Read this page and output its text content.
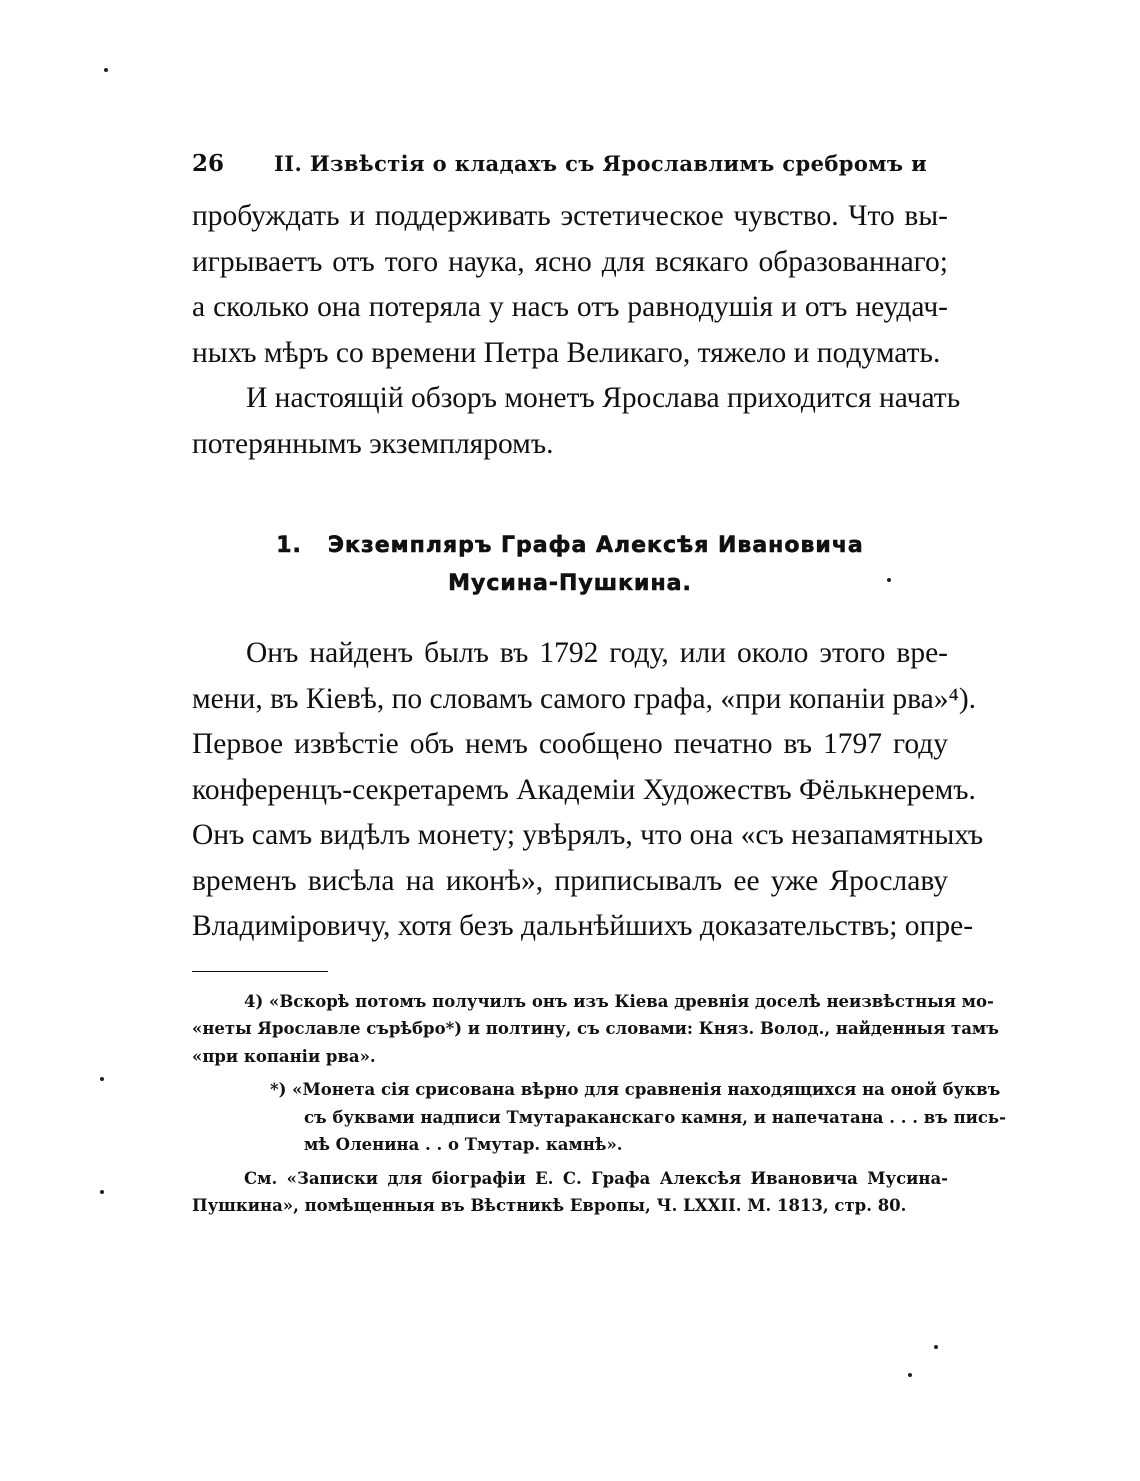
26	II. Извѣстія о кладахъ съ Ярославлимъ сребромъ и
пробуждать и поддерживать эстетическое чувство. Что вы-
игрываетъ отъ того наука, ясно для всякаго образованнаго;
а сколько она потеряла у насъ отъ равнодушія и отъ неудач-
ныхъ мѣръ со времени Петра Великаго, тяжело и подумать.
И настоящій обзоръ монетъ Ярослава приходится начать
потеряннымъ экземпляромъ.
1. Экземпляръ Графа Алексѣя Ивановича
Мусина-Пушкина.
Онъ найденъ былъ въ 1792 году, или около этого вре-
мени, въ Кіевѣ, по словамъ самого графа, «при копаніи рва»⁴).
Первое извѣстіе объ немъ сообщено печатно въ 1797 году
конференцъ-секретаремъ Академіи Художествъ Фёлькнеремъ.
Онъ самъ видѣлъ монету; увѣрялъ, что она «съ незапамятныхъ
временъ висѣла на иконѣ», приписывалъ ее уже Ярославу
Владиміровичу, хотя безъ дальнѣйшихъ доказательствъ; опре-
4) «Вскорѣ потомъ получилъ онъ изъ Кіева древнія доселѣ неизвѣстныя мо-
«неты Ярославле сърѣбро*) и полтину, съ словами: Княз. Волод., найденныя тамъ
«при копаніи рва».
*) «Монета сія срисована вѣрно для сравненія находящихся на оной буквъ
съ буквами надписи Тмутараканскаго камня, и напечатана . . . въ пись-
мѣ Оленина . . о Тмутар. камнѣ».
См. «Записки для біографіи Е. С. Графа Алексѣя Ивановича Мусина-
Пушкина», помѣщенныя въ Вѣстникѣ Европы, Ч. LXXII. М. 1813, стр. 80.
